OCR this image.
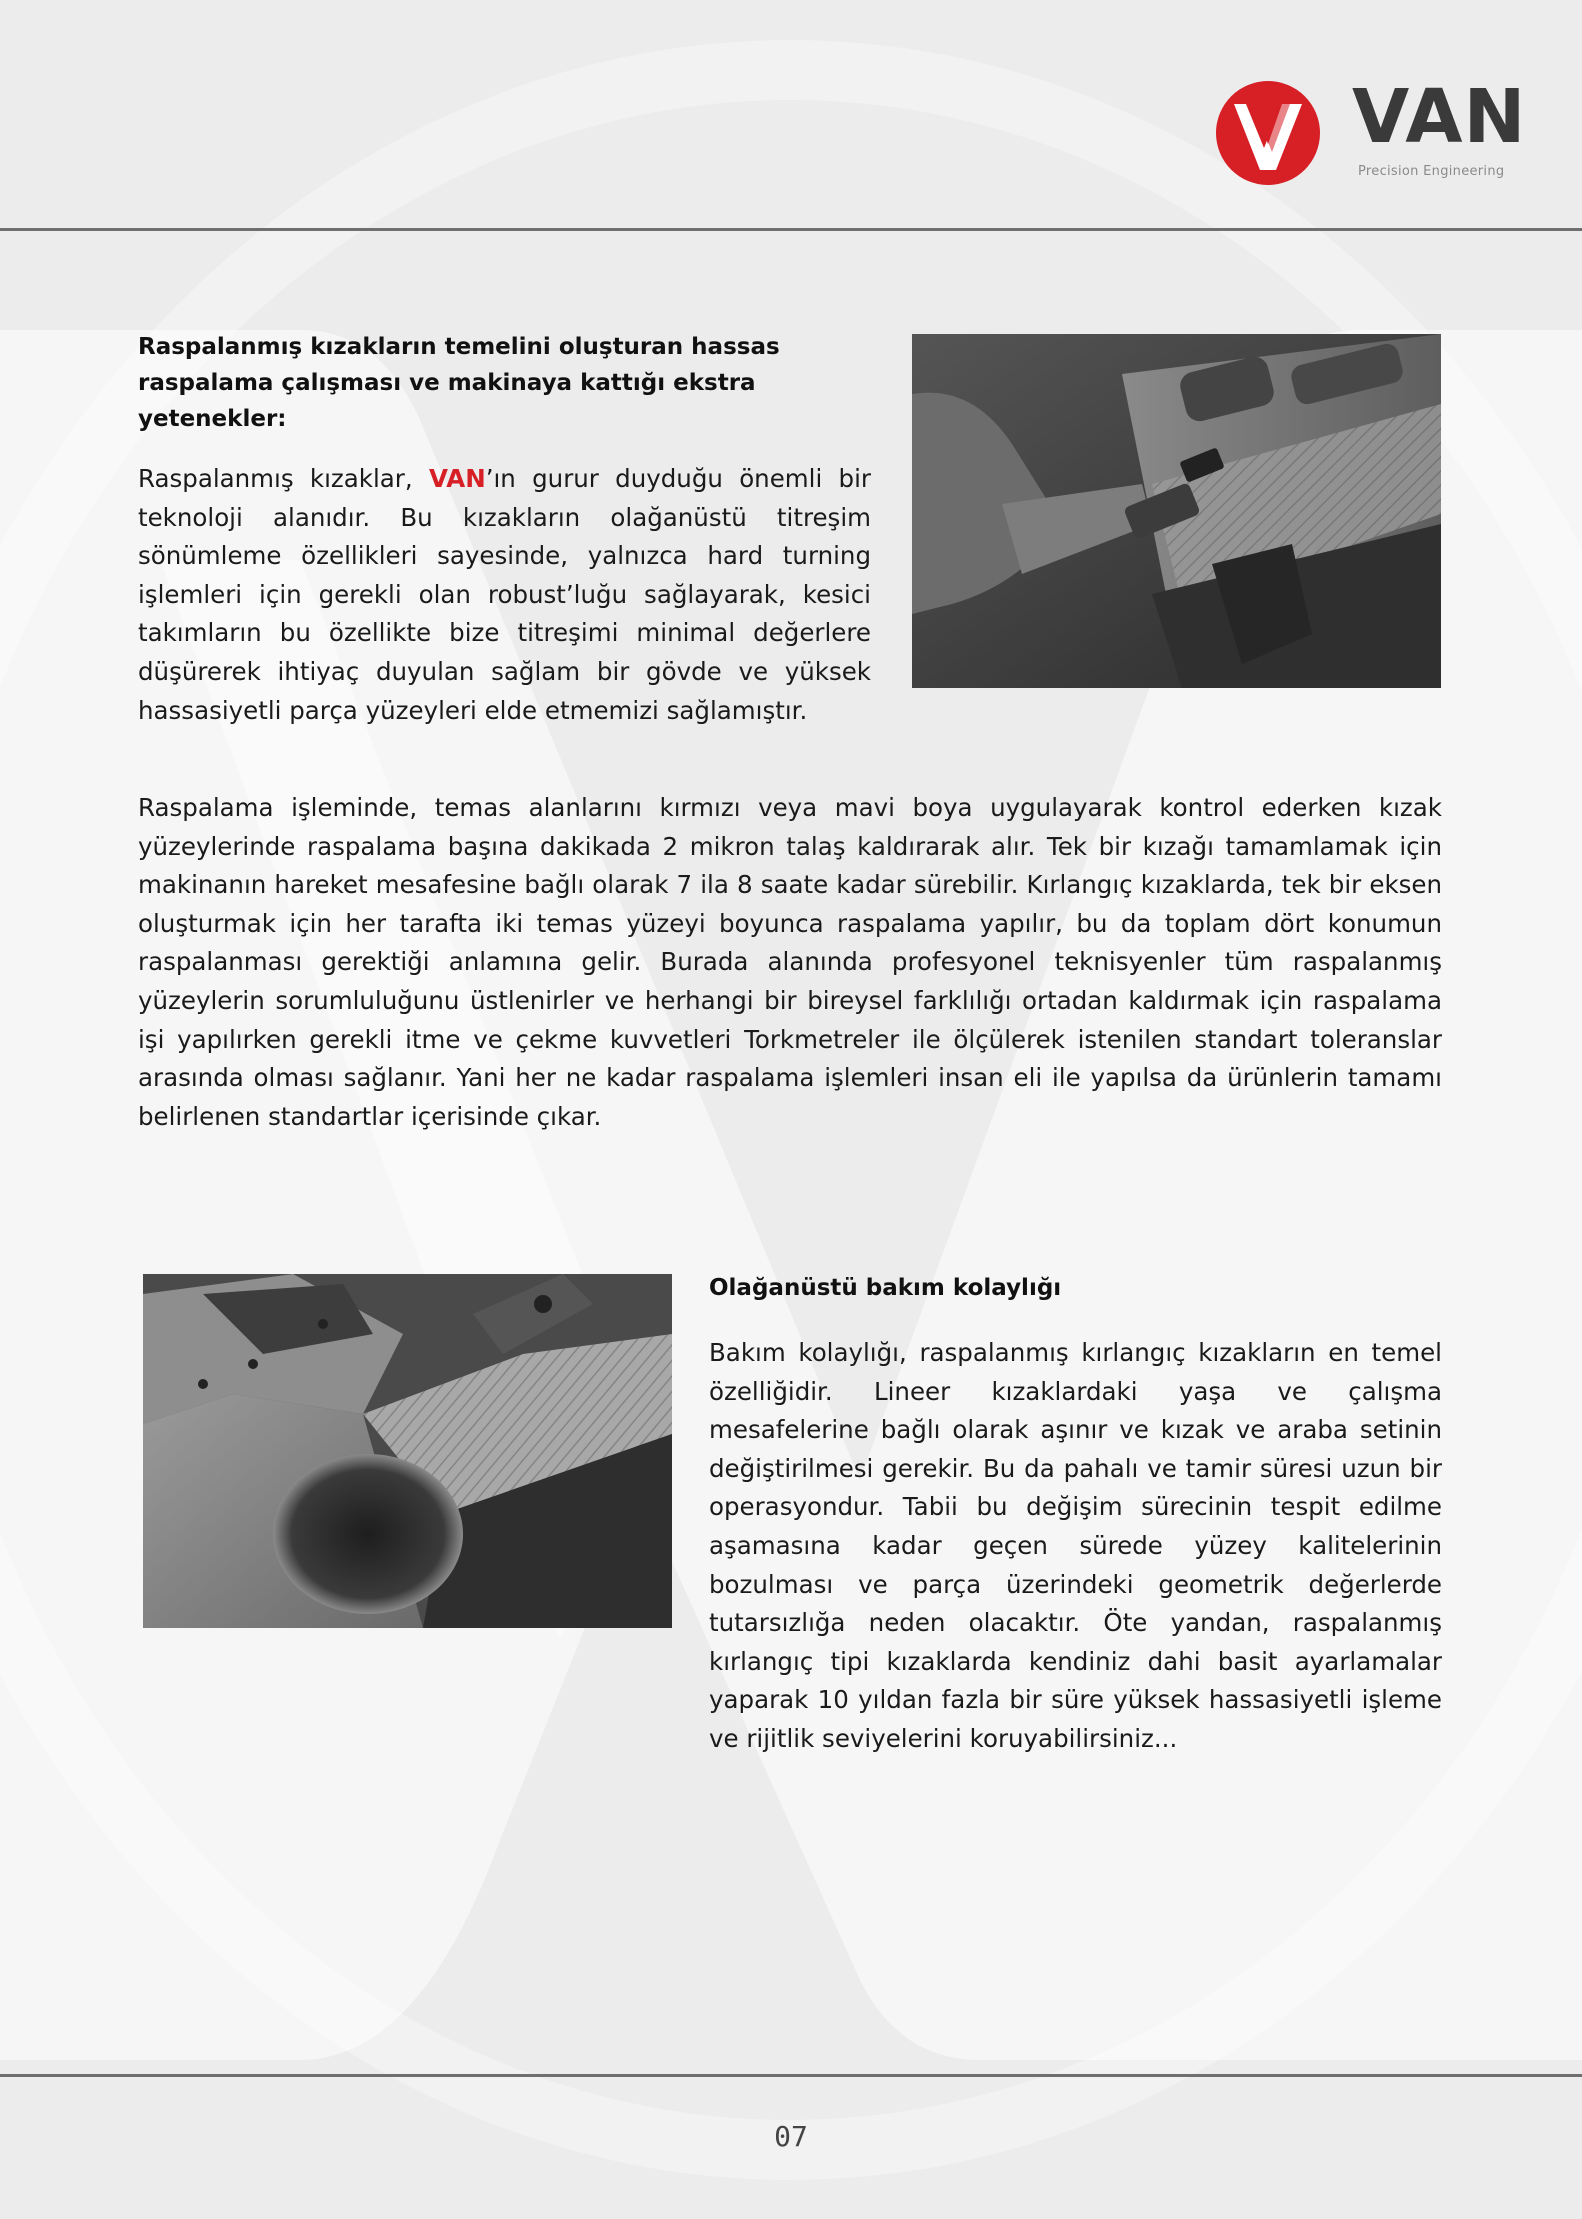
VAN
Precision Engineering
Raspalanmış kızakların temelini oluşturan hassas raspalama çalışması ve makinaya kattığı ekstra yetenekler:

Raspalanmış kızaklar, VAN’ın gurur duyduğu önemli bir teknoloji alanıdır. Bu kızakların olağanüstü titreşim sönümleme özellikleri sayesinde, yalnızca hard turning işlemleri için gerekli olan robust’luğu sağlayarak, kesici takımların bu özellikte bize titreşimi minimal değerlere düşürerek ihtiyaç duyulan sağlam bir gövde ve yüksek hassasiyetli parça yüzeyleri elde etmemizi sağlamıştır.

Raspalama işleminde, temas alanlarını kırmızı veya mavi boya uygulayarak kontrol ederken kızak yüzeylerinde raspalama başına dakikada 2 mikron talaş kaldırarak alır. Tek bir kızağı tamamlamak için makinanın hareket mesafesine bağlı olarak 7 ila 8 saate kadar sürebilir. Kırlangıç kızaklarda, tek bir eksen oluşturmak için her tarafta iki temas yüzeyi boyunca raspalama yapılır, bu da toplam dört konumun raspalanması gerektiği anlamına gelir. Burada alanında profesyonel teknisyenler tüm raspalanmış yüzeylerin sorumluluğunu üstlenirler ve herhangi bir bireysel farklılığı ortadan kaldırmak için raspalama işi yapılırken gerekli itme ve çekme kuvvetleri Torkmetreler ile ölçülerek istenilen standart toleranslar arasında olması sağlanır. Yani her ne kadar raspalama işlemleri insan eli ile yapılsa da ürünlerin tamamı belirlenen standartlar içerisinde çıkar.

Olağanüstü bakım kolaylığı

Bakım kolaylığı, raspalanmış kırlangıç kızakların en temel özelliğidir. Lineer kızaklardaki yaşa ve çalışma mesafelerine bağlı olarak aşınır ve kızak ve araba setinin değiştirilmesi gerekir. Bu da pahalı ve tamir süresi uzun bir operasyondur. Tabii bu değişim sürecinin tespit edilme aşamasına kadar geçen sürede yüzey kalitelerinin bozulması ve parça üzerindeki geometrik değerlerde tutarsızlığa neden olacaktır. Öte yandan, raspalanmış kırlangıç tipi kızaklarda kendiniz dahi basit ayarlamalar yaparak 10 yıldan fazla bir süre yüksek hassasiyetli işleme ve rijitlik seviyelerini koruyabilirsiniz...

07
